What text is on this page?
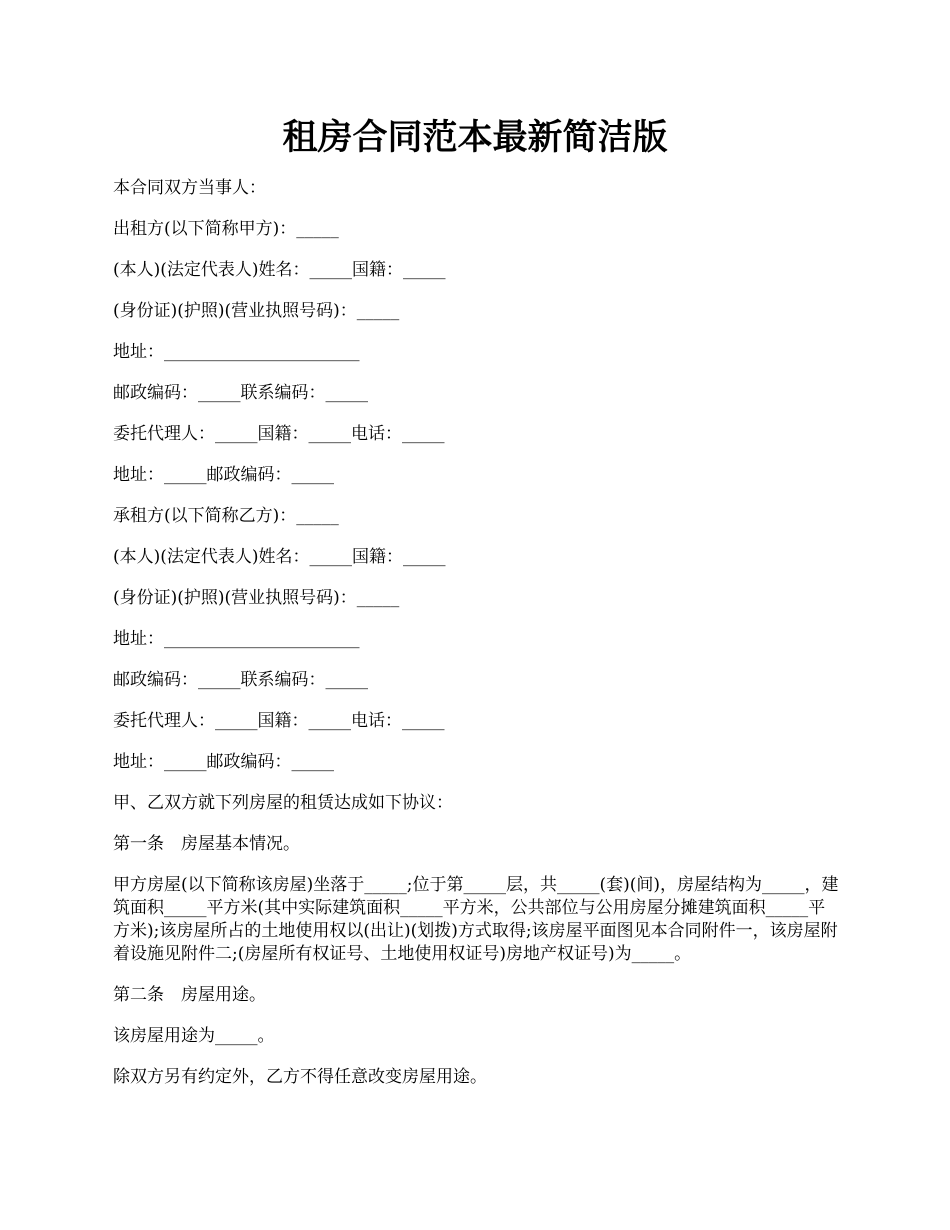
租房合同范本最新简洁版

本合同双方当事人：

出租方(以下简称甲方)：_____

(本人)(法定代表人)姓名：_____国籍：_____

(身份证)(护照)(营业执照号码)：_____

地址：_______________________

邮政编码：_____联系编码：_____

委托代理人：_____国籍：_____电话：_____

地址：_____邮政编码：_____

承租方(以下简称乙方)：_____

(本人)(法定代表人)姓名：_____国籍：_____

(身份证)(护照)(营业执照号码)：_____

地址：_______________________

邮政编码：_____联系编码：_____

委托代理人：_____国籍：_____电话：_____

地址：_____邮政编码：_____

甲、乙双方就下列房屋的租赁达成如下协议：

第一条　房屋基本情况。

甲方房屋(以下简称该房屋)坐落于_____;位于第_____层，共_____(套)(间)，房屋结构为_____，建筑面积_____平方米(其中实际建筑面积_____平方米，公共部位与公用房屋分摊建筑面积_____平方米);该房屋所占的土地使用权以(出让)(划拨)方式取得;该房屋平面图见本合同附件一，该房屋附着设施见附件二;(房屋所有权证号、土地使用权证号)房地产权证号)为_____。

第二条　房屋用途。

该房屋用途为_____。

除双方另有约定外，乙方不得任意改变房屋用途。
